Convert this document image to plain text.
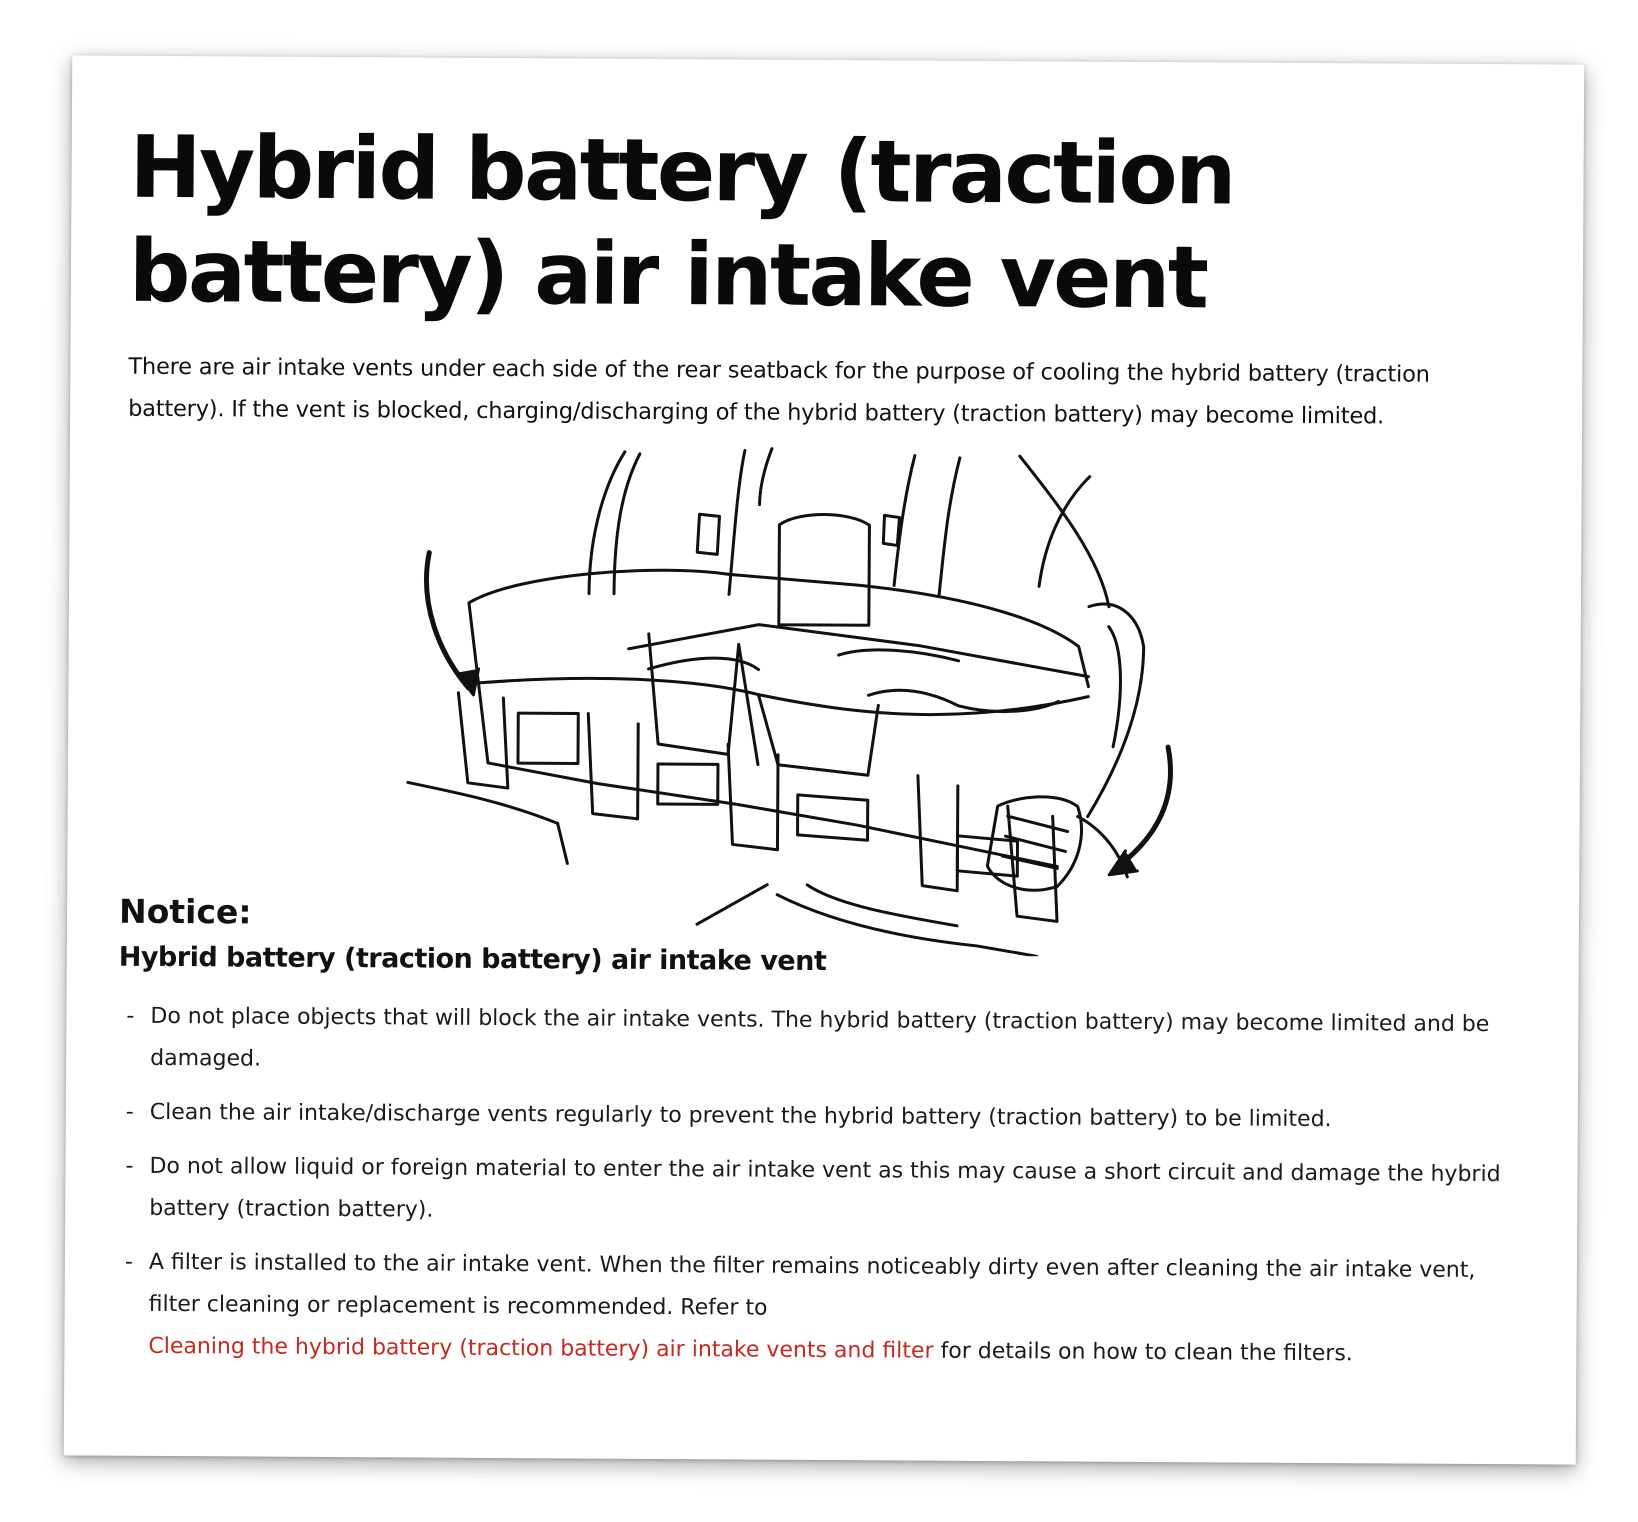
Hybrid battery (traction battery) air intake vent

There are air intake vents under each side of the rear seatback for the purpose of cooling the hybrid battery (traction battery). If the vent is blocked, charging/discharging of the hybrid battery (traction battery) may become limited.

Notice:
Hybrid battery (traction battery) air intake vent
- Do not place objects that will block the air intake vents. The hybrid battery (traction battery) may become limited and be damaged.
- Clean the air intake/discharge vents regularly to prevent the hybrid battery (traction battery) to be limited.
- Do not allow liquid or foreign material to enter the air intake vent as this may cause a short circuit and damage the hybrid battery (traction battery).
- A filter is installed to the air intake vent. When the filter remains noticeably dirty even after cleaning the air intake vent, filter cleaning or replacement is recommended. Refer to
Cleaning the hybrid battery (traction battery) air intake vents and filter for details on how to clean the filters.
